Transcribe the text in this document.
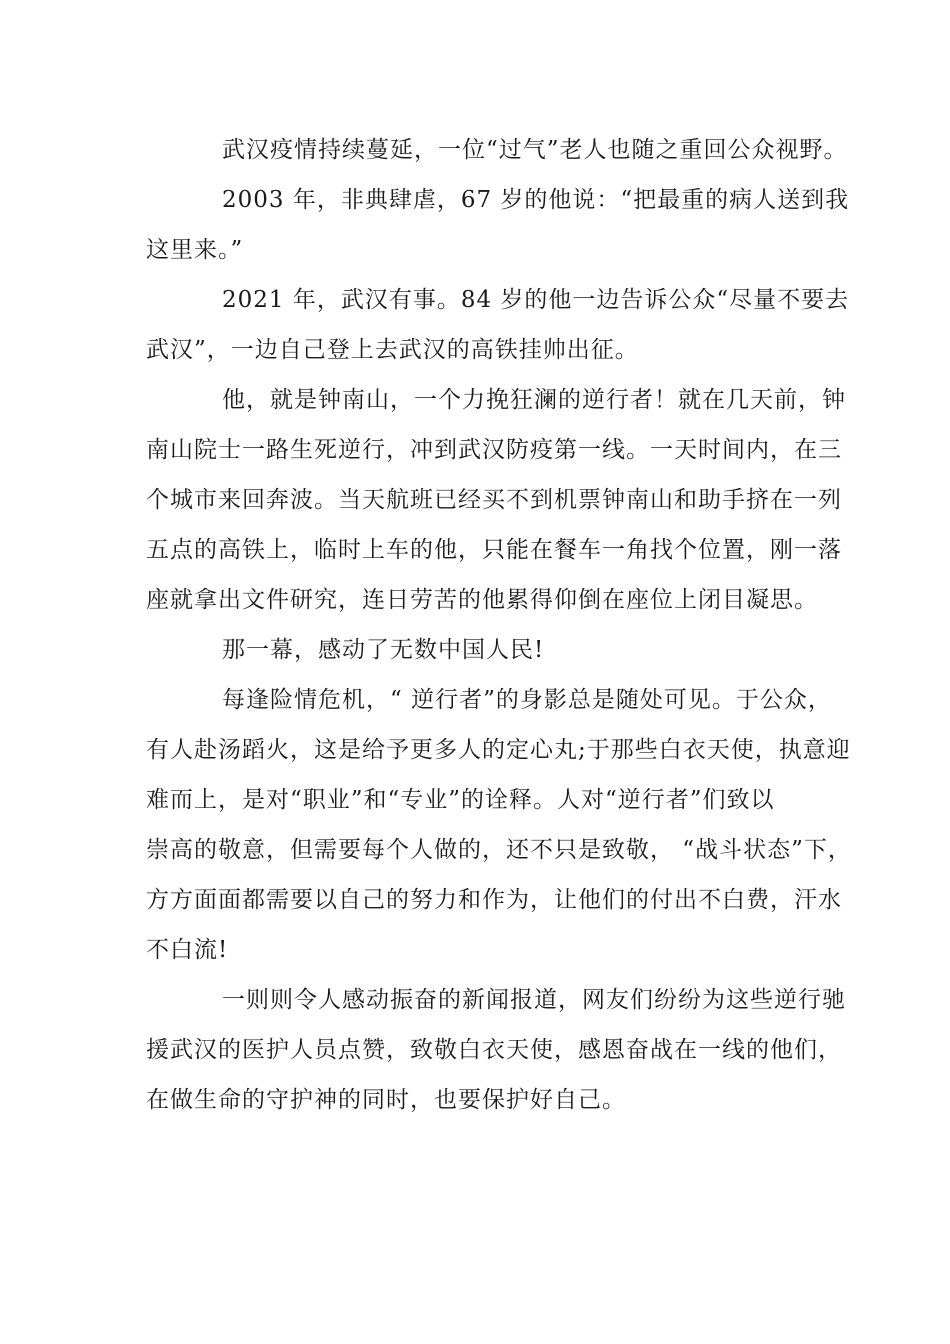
武汉疫情持续蔓延，一位“过气”老人也随之重回公众视野。
2003 年，非典肆虐，67 岁的他说：“把最重的病人送到我
这里来。”
2021 年，武汉有事。84 岁的他一边告诉公众“尽量不要去
武汉”，一边自己登上去武汉的高铁挂帅出征。
他，就是钟南山，一个力挽狂澜的逆行者！就在几天前，钟
南山院士一路生死逆行，冲到武汉防疫第一线。一天时间内，在三
个城市来回奔波。当天航班已经买不到机票钟南山和助手挤在一列
五点的高铁上，临时上车的他，只能在餐车一角找个位置，刚一落
座就拿出文件研究，连日劳苦的他累得仰倒在座位上闭目凝思。
那一幕，感动了无数中国人民!
每逢险情危机，“ 逆行者”的身影总是随处可见。于公众，
有人赴汤蹈火，这是给予更多人的定心丸;于那些白衣天使，执意迎
难而上，是对“职业”和“专业”的诠释。人对“逆行者”们致以
崇高的敬意，但需要每个人做的，还不只是致敬， “战斗状态”下，
方方面面都需要以自己的努力和作为，让他们的付出不白费，汗水
不白流!
一则则令人感动振奋的新闻报道，网友们纷纷为这些逆行驰
援武汉的医护人员点赞，致敬白衣天使，感恩奋战在一线的他们，
在做生命的守护神的同时，也要保护好自己。
